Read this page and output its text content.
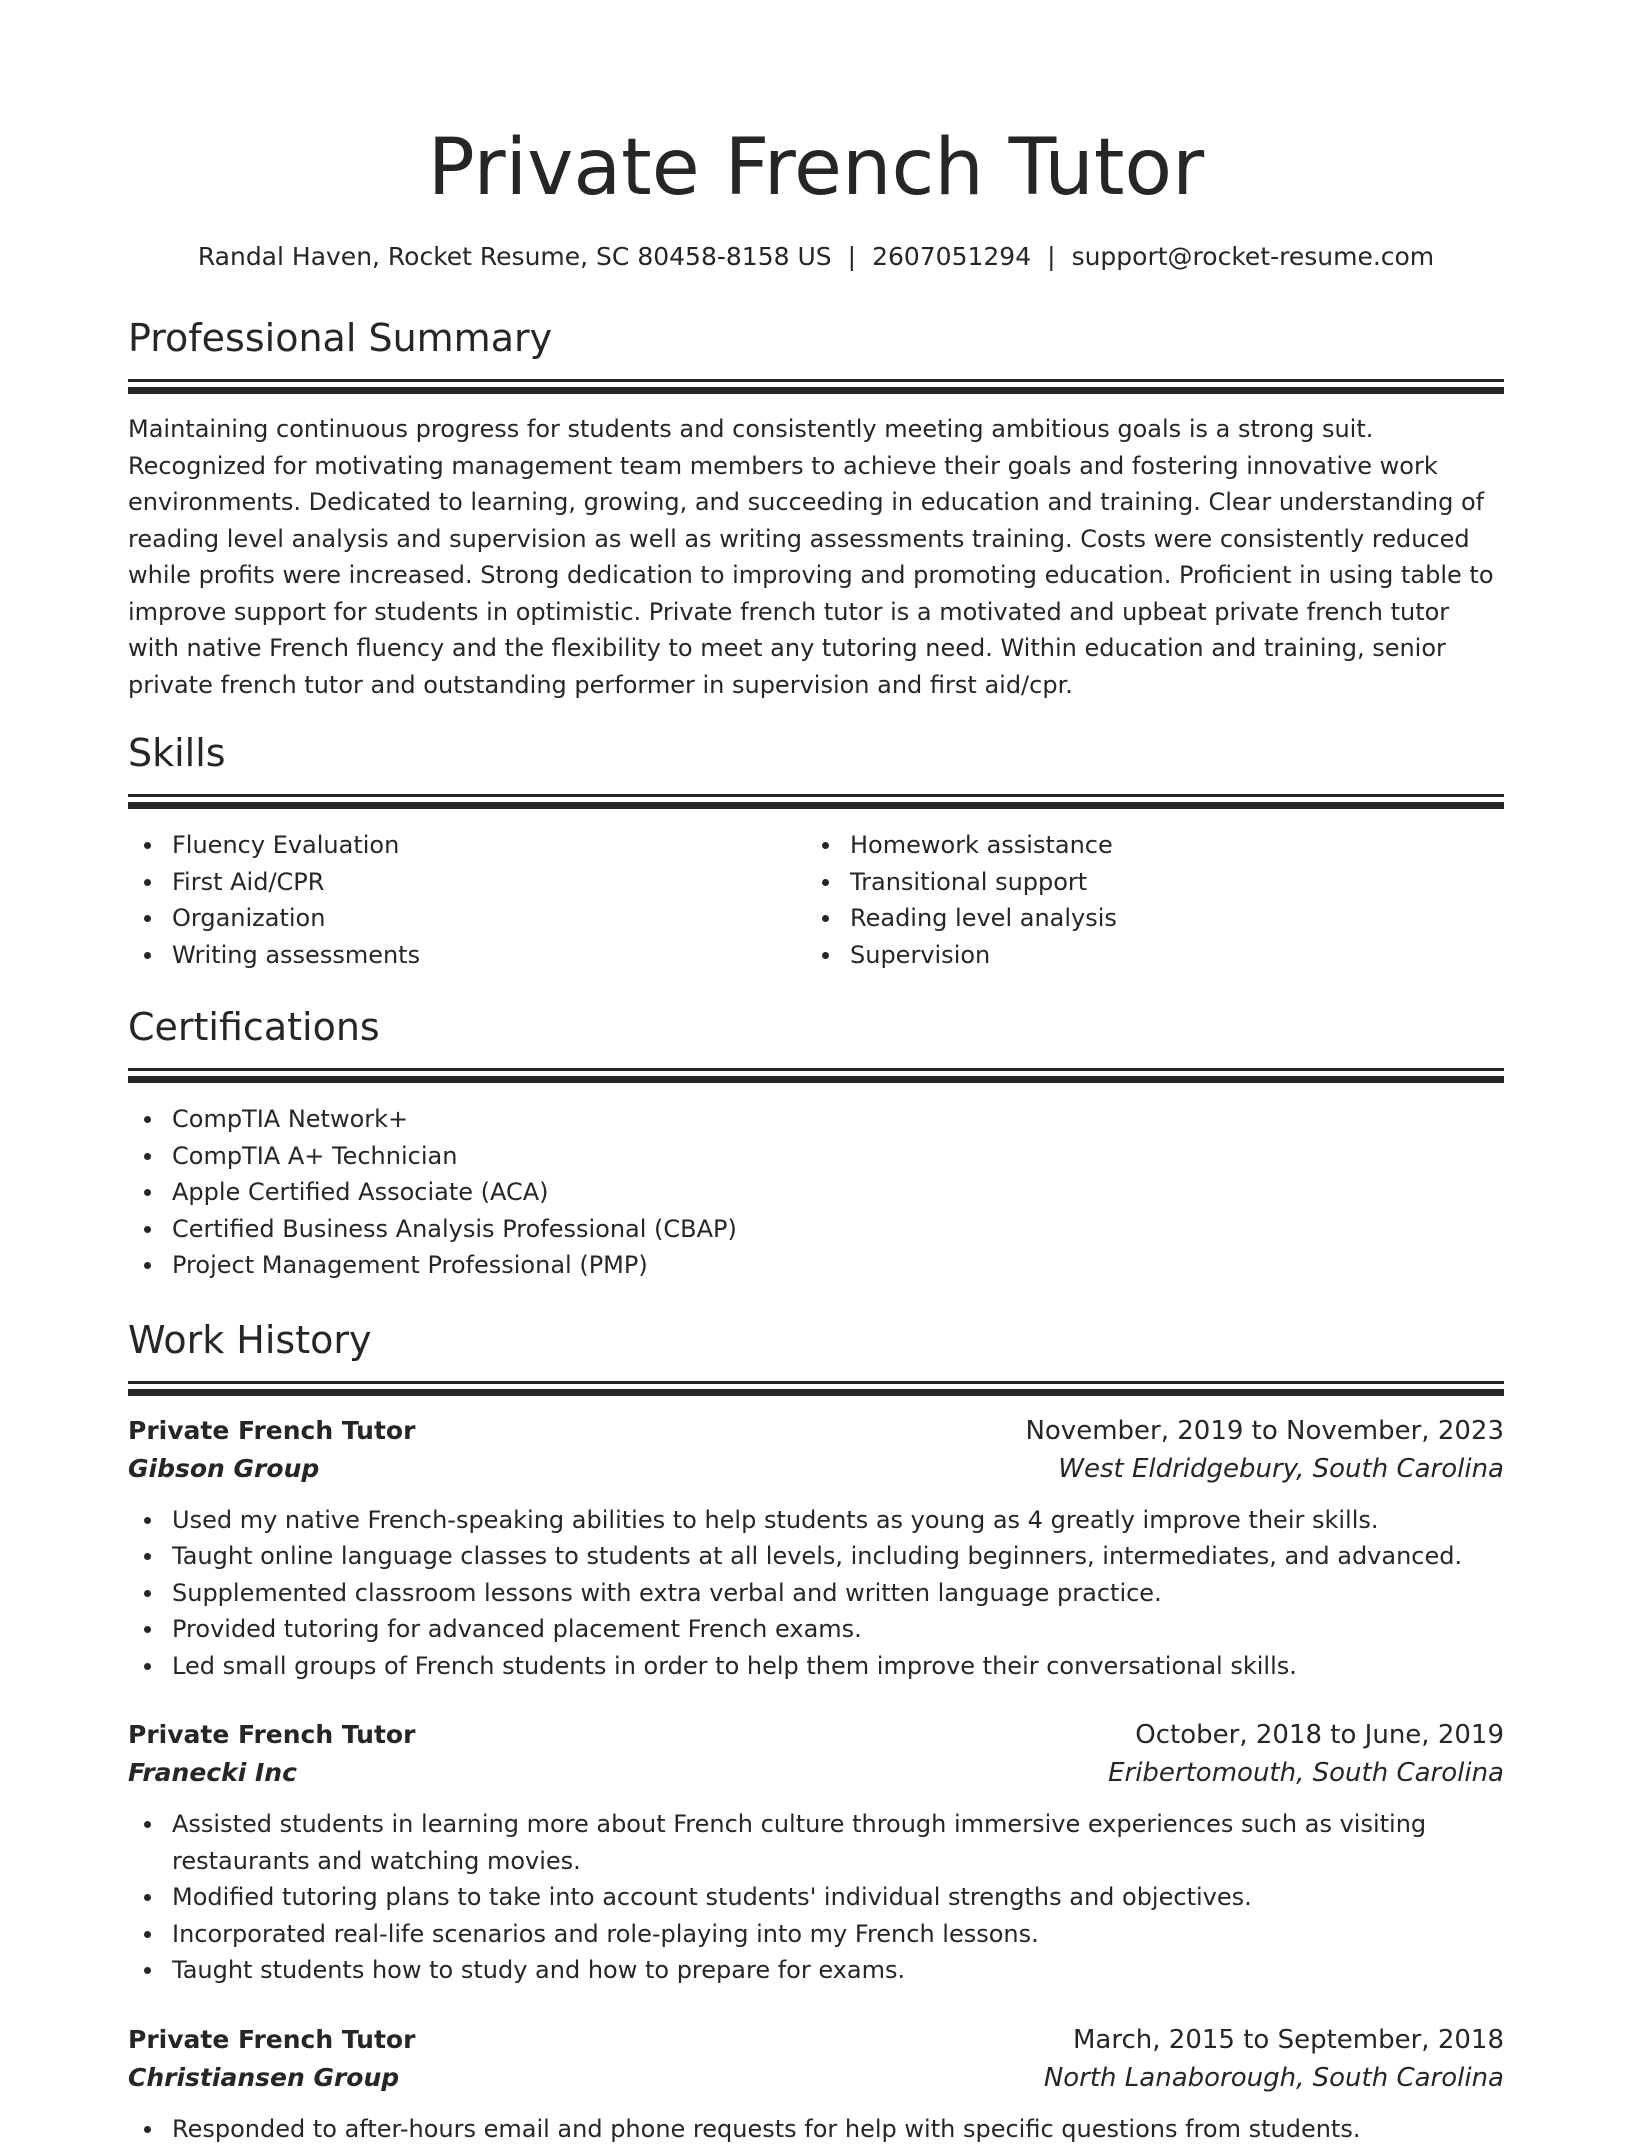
Private French Tutor
Randal Haven, Rocket Resume, SC 80458-8158 US | 2607051294 | support@rocket-resume.com
Professional Summary

Maintaining continuous progress for students and consistently meeting ambitious goals is a strong suit. Recognized for motivating management team members to achieve their goals and fostering innovative work environments. Dedicated to learning, growing, and succeeding in education and training. Clear understanding of reading level analysis and supervision as well as writing assessments training. Costs were consistently reduced while profits were increased. Strong dedication to improving and promoting education. Proficient in using table to improve support for students in optimistic. Private french tutor is a motivated and upbeat private french tutor with native French fluency and the flexibility to meet any tutoring need. Within education and training, senior private french tutor and outstanding performer in supervision and first aid/cpr.

Skills
Fluency Evaluation
First Aid/CPR
Organization
Writing assessments
Homework assistance
Transitional support
Reading level analysis
Supervision
Certifications
CompTIA Network+
CompTIA A+ Technician
Apple Certified Associate (ACA)
Certified Business Analysis Professional (CBAP)
Project Management Professional (PMP)
Work History
Private French Tutor	November, 2019 to November, 2023
Gibson Group	West Eldridgebury, South Carolina
Used my native French-speaking abilities to help students as young as 4 greatly improve their skills.
Taught online language classes to students at all levels, including beginners, intermediates, and advanced.
Supplemented classroom lessons with extra verbal and written language practice.
Provided tutoring for advanced placement French exams.
Led small groups of French students in order to help them improve their conversational skills.
Private French Tutor	October, 2018 to June, 2019
Franecki Inc	Eribertomouth, South Carolina
Assisted students in learning more about French culture through immersive experiences such as visiting restaurants and watching movies.
Modified tutoring plans to take into account students' individual strengths and objectives.
Incorporated real-life scenarios and role-playing into my French lessons.
Taught students how to study and how to prepare for exams.
Private French Tutor	March, 2015 to September, 2018
Christiansen Group	North Lanaborough, South Carolina
Responded to after-hours email and phone requests for help with specific questions from students.
